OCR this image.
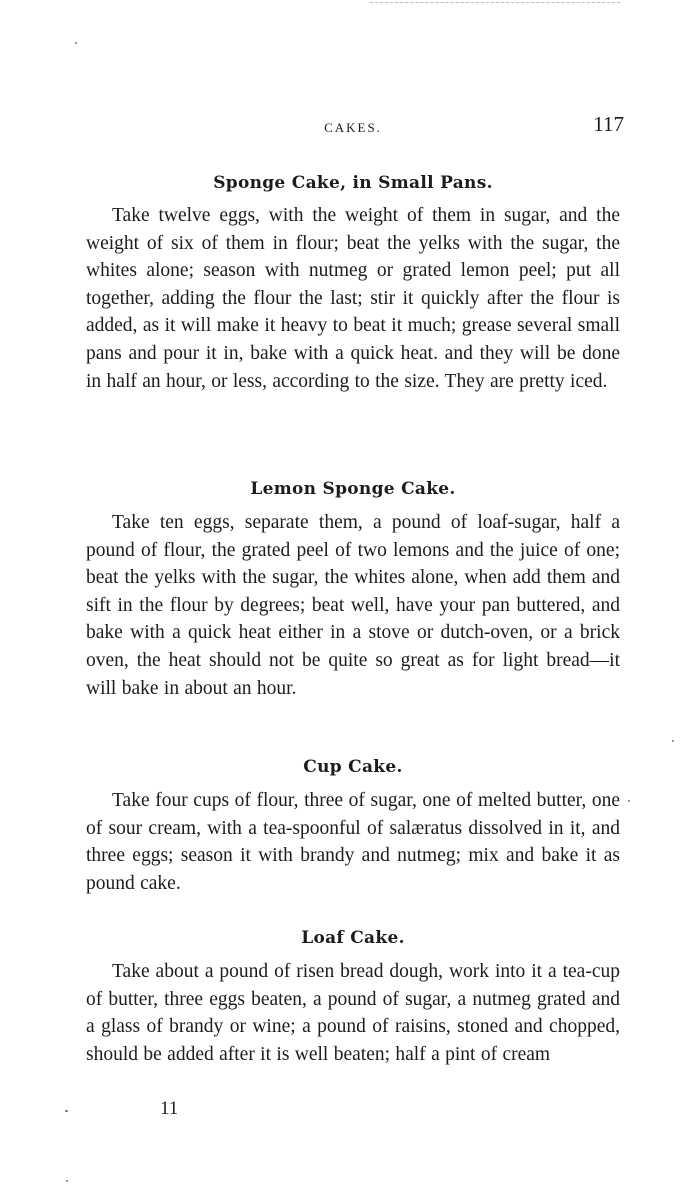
CAKES.	117
Sponge Cake, in Small Pans.

Take twelve eggs, with the weight of them in sugar, and the weight of six of them in flour; beat the yelks with the sugar, the whites alone; season with nutmeg or grated lemon peel; put all together, adding the flour the last; stir it quickly after the flour is added, as it will make it heavy to beat it much; grease several small pans and pour it in, bake with a quick heat. and they will be done in half an hour, or less, according to the size. They are pretty iced.

Lemon Sponge Cake.

Take ten eggs, separate them, a pound of loaf-sugar, half a pound of flour, the grated peel of two lemons and the juice of one; beat the yelks with the sugar, the whites alone, when add them and sift in the flour by degrees; beat well, have your pan buttered, and bake with a quick heat either in a stove or dutch-oven, or a brick oven, the heat should not be quite so great as for light bread—it will bake in about an hour.

Cup Cake.

Take four cups of flour, three of sugar, one of melted butter, one of sour cream, with a tea-spoonful of salæratus dissolved in it, and three eggs; season it with brandy and nutmeg; mix and bake it as pound cake.

Loaf Cake.

Take about a pound of risen bread dough, work into it a tea-cup of butter, three eggs beaten, a pound of sugar, a nutmeg grated and a glass of brandy or wine; a pound of raisins, stoned and chopped, should be added after it is well beaten; half a pint of cream

11
